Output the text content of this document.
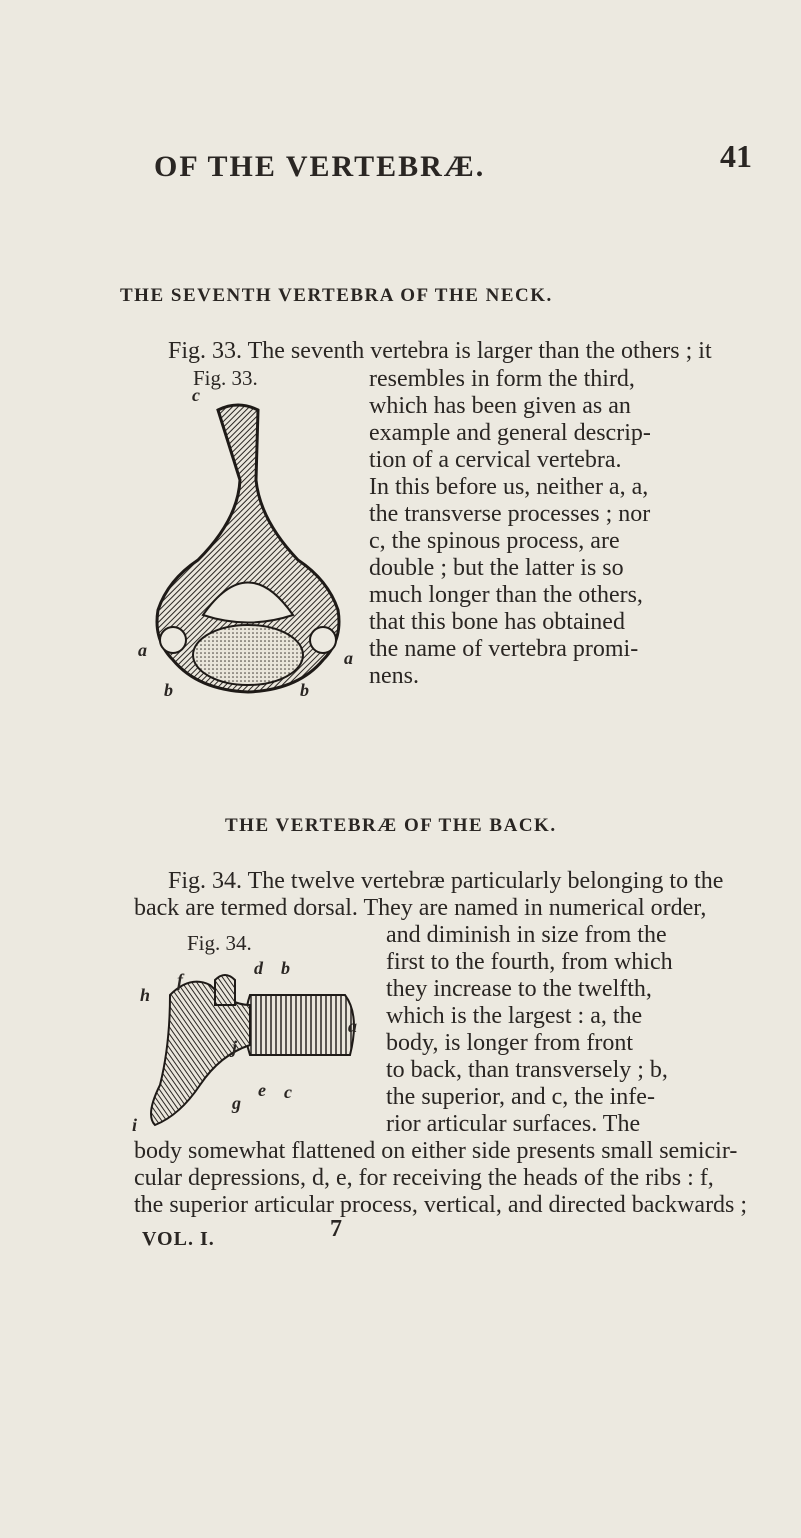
OF THE VERTEBRÆ.	41
THE SEVENTH VERTEBRA OF THE NECK.
Fig. 33. The seventh vertebra is larger than the others ; it
resembles in form the third,
which has been given as an
example and general descrip-
tion of a cervical vertebra.
In this before us, neither a, a,
the transverse processes ; nor
c, the spinous process, are
double ; but the latter is so
much longer than the others,
that this bone has obtained
the name of vertebra promi-
nens.
Fig. 33.
c
a	a
b	b
THE VERTEBRÆ OF THE BACK.
Fig. 34. The twelve vertebræ particularly belonging to the
back are termed dorsal. They are named in numerical order,
and diminish in size from the
first to the fourth, from which
they increase to the twelfth,
which is the largest : a, the
body, is longer from front
to back, than transversely ; b,
the superior, and c, the infe-
rior articular surfaces. The
body somewhat flattened on either side presents small semicir-
cular depressions, d, e, for receiving the heads of the ribs : f,
the superior articular process, vertical, and directed backwards ;
Fig. 34.
f
d b
h
a
j
e c
g
i
VOL. I.	7
